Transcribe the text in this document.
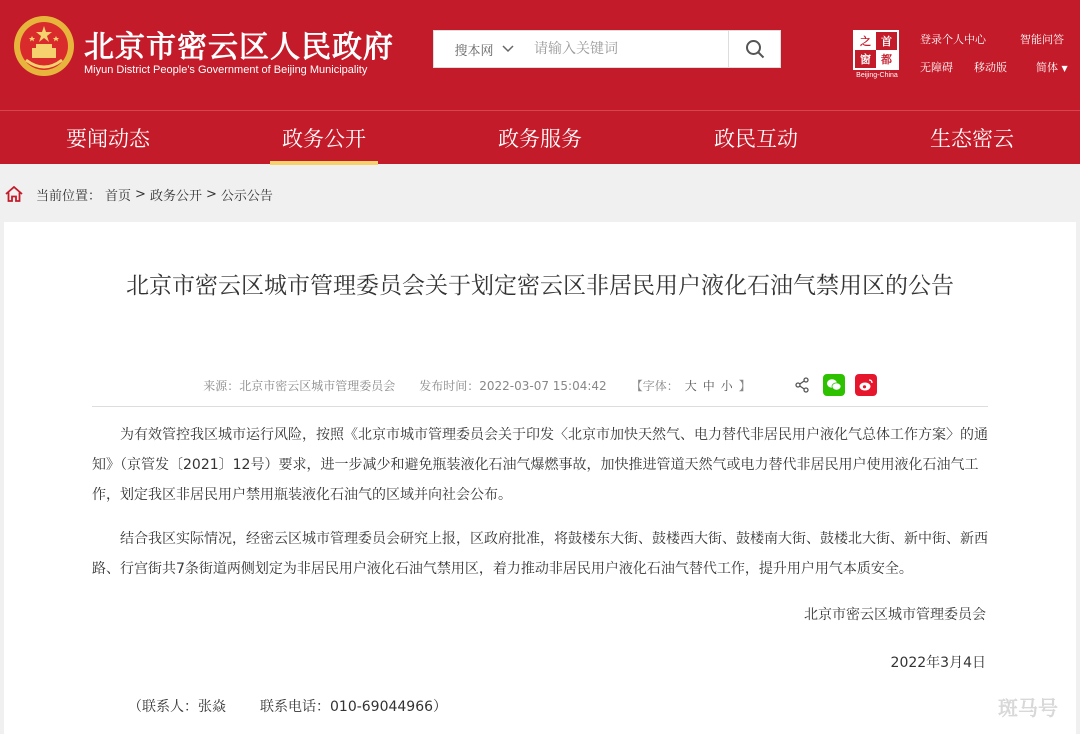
北京市密云区人民政府
Miyun District People's Government of Beijing Municipality
搜本网
请输入关键词
之 首
窗 都
Beijing-China
登录个人中心	智能问答
无障碍 移动版	简体 ▼
要闻动态	政务公开	政务服务	政民互动	生态密云
当前位置： 首页 > 政务公开 > 公示公告
北京市密云区城市管理委员会关于划定密云区非居民用户液化石油气禁用区的公告
来源：北京市密云区城市管理委员会 发布时间：2022-03-07 15:04:42 【字体： 大 中 小 】

为有效管控我区城市运行风险，按照《北京市城市管理委员会关于印发〈北京市加快天然气、电力替代非居民用户液化气总体工作方案〉的通知》（京管发〔2021〕12号）要求，进一步减少和避免瓶装液化石油气爆燃事故，加快推进管道天然气或电力替代非居民用户使用液化石油气工作，划定我区非居民用户禁用瓶装液化石油气的区域并向社会公布。

结合我区实际情况，经密云区城市管理委员会研究上报，区政府批准，将鼓楼东大街、鼓楼西大街、鼓楼南大街、鼓楼北大街、新中街、新西路、行宫街共7条街道两侧划定为非居民用户液化石油气禁用区，着力推动非居民用户液化石油气替代工作，提升用户用气本质安全。

北京市密云区城市管理委员会
2022年3月4日
（联系人：张焱 联系电话：010-69044966）	斑马号
